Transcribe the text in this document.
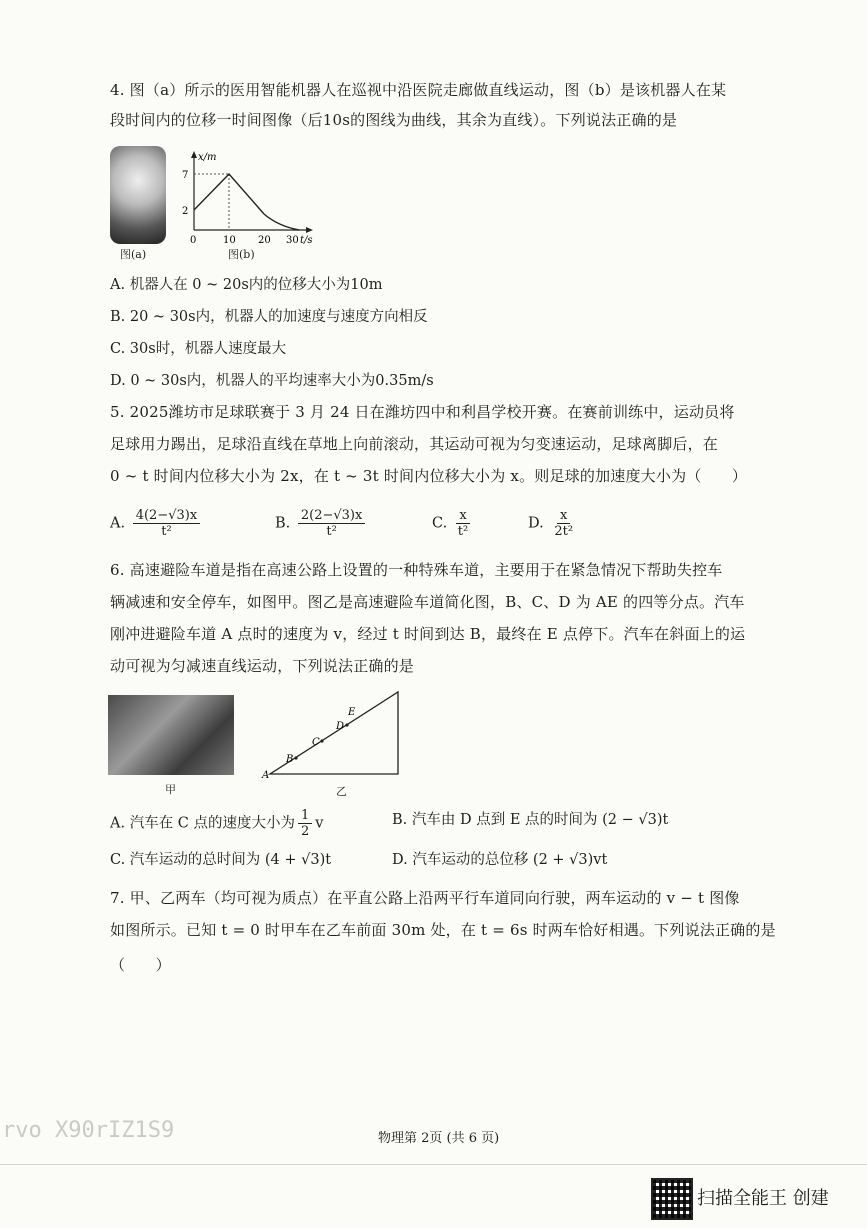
4. 图（a）所示的医用智能机器人在巡视中沿医院走廊做直线运动，图（b）是该机器人在某
段时间内的位移一时间图像（后10s的图线为曲线，其余为直线）。下列说法正确的是
图(a)
x/m
7
2
0	10 20 30 t/s
图(b)
A. 机器人在 0 ~ 20s内的位移大小为10m
B. 20 ~ 30s内，机器人的加速度与速度方向相反
C. 30s时，机器人速度最大
D. 0 ~ 30s内，机器人的平均速率大小为0.35m/s
5. 2025潍坊市足球联赛于 3 月 24 日在潍坊四中和利昌学校开赛。在赛前训练中，运动员将
足球用力踢出，足球沿直线在草地上向前滚动，其运动可视为匀变速运动，足球离脚后，在
0 ~ t 时间内位移大小为 2x，在 t ~ 3t 时间内位移大小为 x。则足球的加速度大小为（　　）
A. $\frac{4(2-√3)x}{\text{t²}}$	B. $\frac{2(2-√3)x}{\text{t²}}$	C. $\frac{x}{\text{t²}}$	D. $\frac{x}{\text{2t²}}$
6. 高速避险车道是指在高速公路上设置的一种特殊车道，主要用于在紧急情况下帮助失控车
辆减速和安全停车，如图甲。图乙是高速避险车道简化图，B、C、D 为 AE 的四等分点。汽车
刚冲进避险车道 A 点时的速度为 v，经过 t 时间到达 B，最终在 E 点停下。汽车在斜面上的运
动可视为匀减速直线运动，下列说法正确的是
甲
A
B
C
D
E
乙
A. 汽车在 C 点的速度大小为 $\frac{1}{2}$ v	B. 汽车由 D 点到 E 点的时间为 (2 − √3)t
C. 汽车运动的总时间为 (4 + √3)t	D. 汽车运动的总位移 (2 + √3)vt
7. 甲、乙两车（均可视为质点）在平直公路上沿两平行车道同向行驶，两车运动的 v − t 图像
如图所示。已知 t = 0 时甲车在乙车前面 30m 处，在 t = 6s 时两车恰好相遇。下列说法正确的是
（　　）
rvo X90rIZ1S9	物理第 2页 (共 6 页)
扫描全能王 创建
